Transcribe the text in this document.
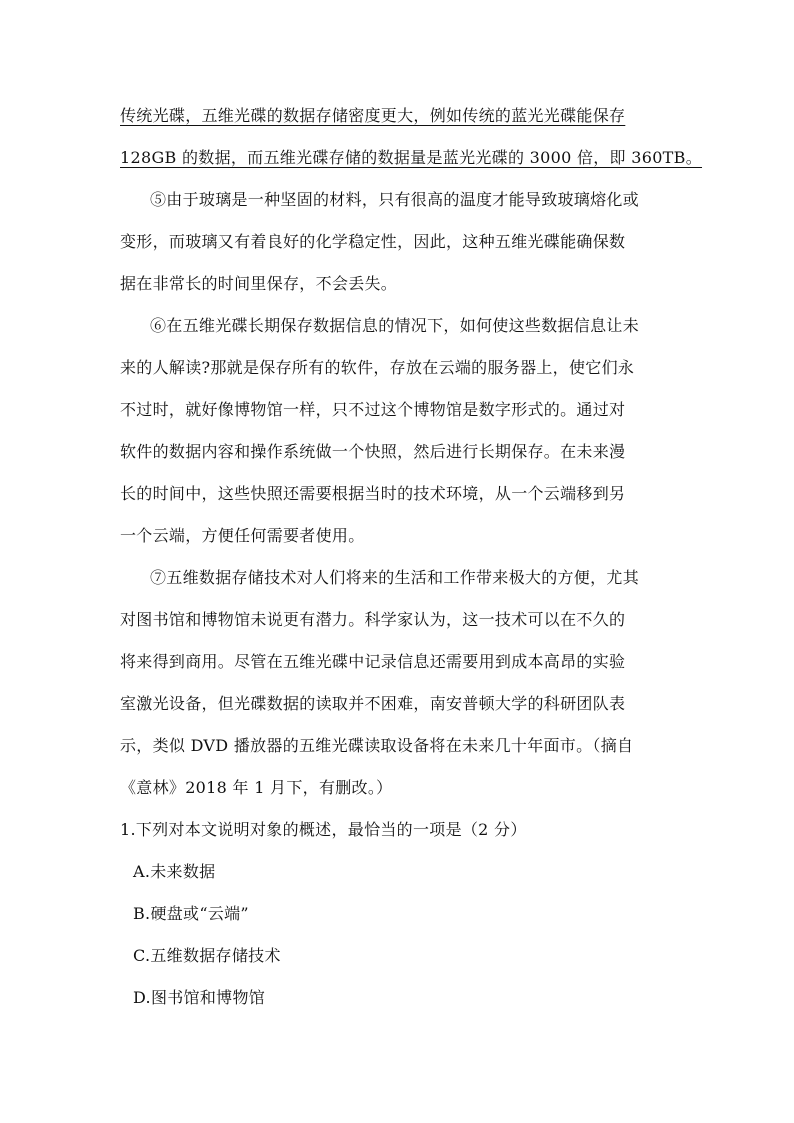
传统光碟，五维光碟的数据存储密度更大，例如传统的蓝光光碟能保存
128GB 的数据，而五维光碟存储的数据量是蓝光光碟的 3000 倍，即 360TB。
⑤由于玻璃是一种坚固的材料，只有很高的温度才能导致玻璃熔化或
变形，而玻璃又有着良好的化学稳定性，因此，这种五维光碟能确保数
据在非常长的时间里保存，不会丢失。
⑥在五维光碟长期保存数据信息的情况下，如何使这些数据信息让未
来的人解读?那就是保存所有的软件，存放在云端的服务器上，使它们永
不过时，就好像博物馆一样，只不过这个博物馆是数字形式的。通过对
软件的数据内容和操作系统做一个快照，然后进行长期保存。在未来漫
长的时间中，这些快照还需要根据当时的技术环境，从一个云端移到另
一个云端，方便任何需要者使用。
⑦五维数据存储技术对人们将来的生活和工作带来极大的方便，尤其
对图书馆和博物馆未说更有潜力。科学家认为，这一技术可以在不久的
将来得到商用。尽管在五维光碟中记录信息还需要用到成本高昂的实验
室激光设备，但光碟数据的读取并不困难，南安普顿大学的科研团队表
示，类似 DVD 播放器的五维光碟读取设备将在未来几十年面市。（摘自
《意林》2018 年 1 月下，有删改。）
1.下列对本文说明对象的概述，最恰当的一项是（2 分）
A.未来数据
B.硬盘或“云端”
C.五维数据存储技术
D.图书馆和博物馆
